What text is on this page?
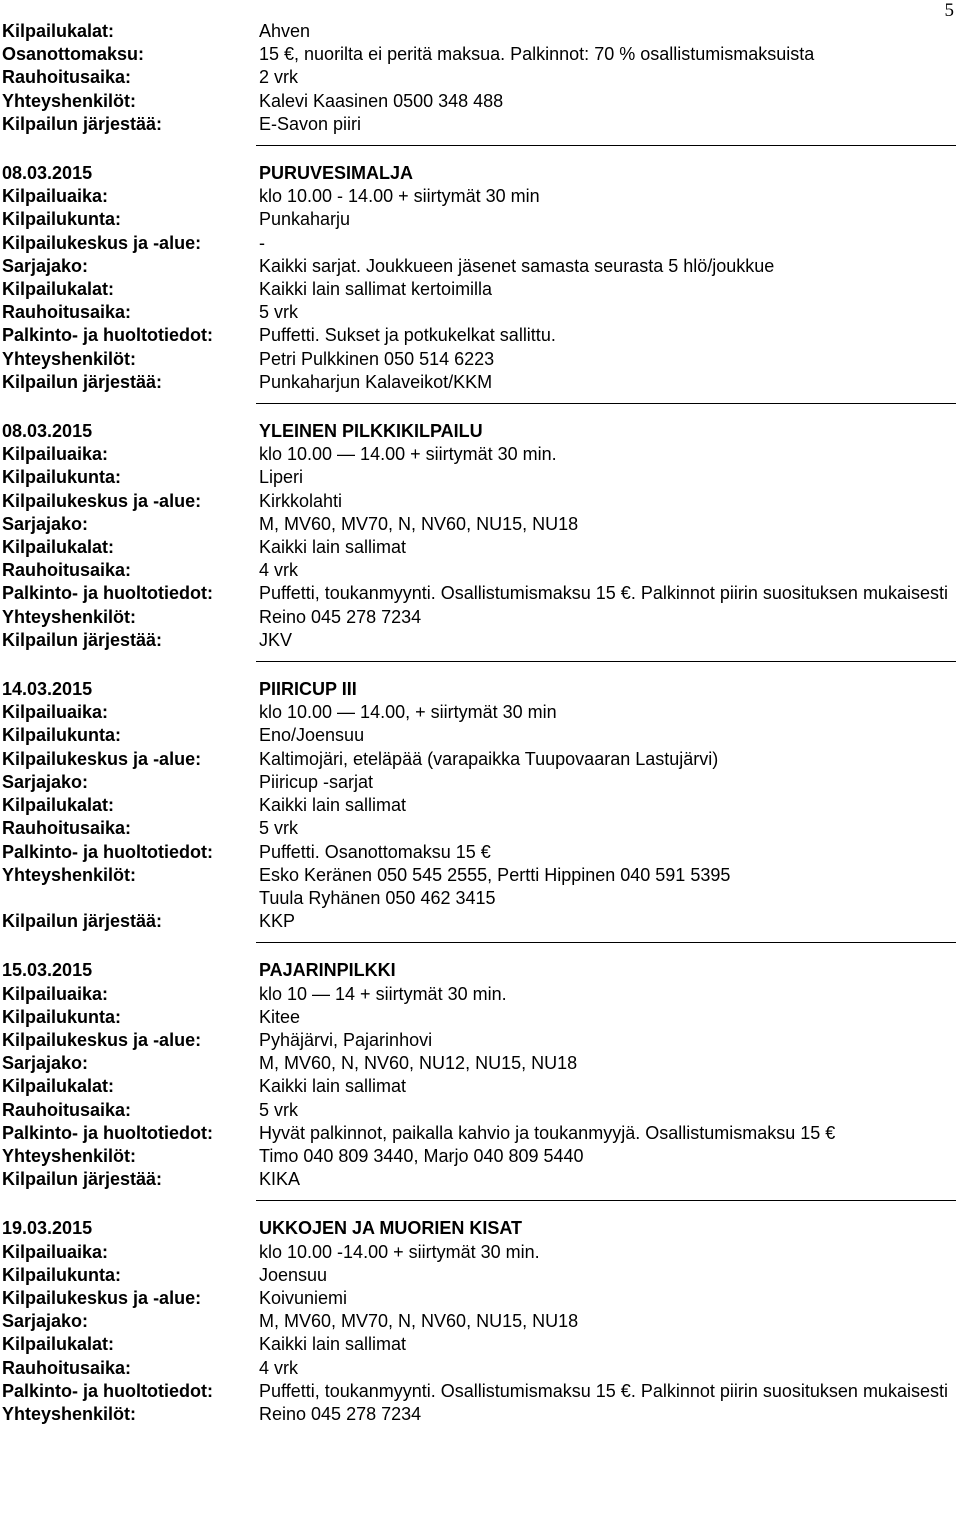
5
Kilpailukalat:	Ahven
Osanottomaksu:	15 €, nuorilta ei peritä maksua. Palkinnot: 70 % osallistumismaksuista
Rauhoitusaika:	2 vrk
Yhteyshenkilöt:	Kalevi Kaasinen 0500 348 488
Kilpailun järjestää:	E-Savon piiri
08.03.2015	PURUVESIMALJA
Kilpailuaika:	klo 10.00 - 14.00 + siirtymät 30 min
Kilpailukunta:	Punkaharju
Kilpailukeskus ja -alue:	-
Sarjajako:	Kaikki sarjat. Joukkueen jäsenet samasta seurasta 5 hlö/joukkue
Kilpailukalat:	Kaikki lain sallimat kertoimilla
Rauhoitusaika:	5 vrk
Palkinto- ja huoltotiedot:	Puffetti. Sukset ja potkukelkat sallittu.
Yhteyshenkilöt:	Petri Pulkkinen 050 514 6223
Kilpailun järjestää:	Punkaharjun Kalaveikot/KKM
08.03.2015	YLEINEN PILKKIKILPAILU
Kilpailuaika:	klo 10.00 — 14.00 + siirtymät 30 min.
Kilpailukunta:	Liperi
Kilpailukeskus ja -alue:	Kirkkolahti
Sarjajako:	M, MV60, MV70, N, NV60, NU15, NU18
Kilpailukalat:	Kaikki lain sallimat
Rauhoitusaika:	4 vrk
Palkinto- ja huoltotiedot:	Puffetti, toukanmyynti. Osallistumismaksu 15 €. Palkinnot piirin suosituksen mukaisesti
Yhteyshenkilöt:	Reino 045 278 7234
Kilpailun järjestää:	JKV
14.03.2015	PIIRICUP III
Kilpailuaika:	klo 10.00 — 14.00, + siirtymät 30 min
Kilpailukunta:	Eno/Joensuu
Kilpailukeskus ja -alue:	Kaltimojäri, eteläpää (varapaikka Tuupovaaran Lastujärvi)
Sarjajako:	Piiricup -sarjat
Kilpailukalat:	Kaikki lain sallimat
Rauhoitusaika:	5 vrk
Palkinto- ja huoltotiedot:	Puffetti. Osanottomaksu 15 €
Yhteyshenkilöt:	Esko Keränen 050 545 2555, Pertti Hippinen 040 591 5395
Tuula Ryhänen 050 462 3415
Kilpailun järjestää:	KKP
15.03.2015	PAJARINPILKKI
Kilpailuaika:	klo 10 — 14 + siirtymät 30 min.
Kilpailukunta:	Kitee
Kilpailukeskus ja -alue:	Pyhäjärvi, Pajarinhovi
Sarjajako:	M, MV60, N, NV60, NU12, NU15, NU18
Kilpailukalat:	Kaikki lain sallimat
Rauhoitusaika:	5 vrk
Palkinto- ja huoltotiedot:	Hyvät palkinnot, paikalla kahvio ja toukanmyyjä. Osallistumismaksu 15 €
Yhteyshenkilöt:	Timo 040 809 3440, Marjo 040 809 5440
Kilpailun järjestää:	KIKA
19.03.2015	UKKOJEN JA MUORIEN KISAT
Kilpailuaika:	klo 10.00 -14.00 + siirtymät 30 min.
Kilpailukunta:	Joensuu
Kilpailukeskus ja -alue:	Koivuniemi
Sarjajako:	M, MV60, MV70, N, NV60, NU15, NU18
Kilpailukalat:	Kaikki lain sallimat
Rauhoitusaika:	4 vrk
Palkinto- ja huoltotiedot:	Puffetti, toukanmyynti. Osallistumismaksu 15 €. Palkinnot piirin suosituksen mukaisesti
Yhteyshenkilöt:	Reino 045 278 7234
